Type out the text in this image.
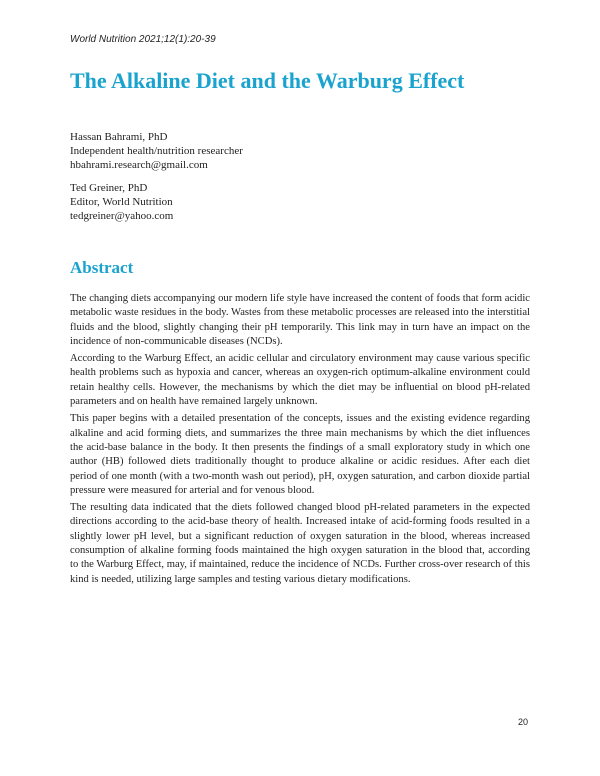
World Nutrition 2021;12(1):20-39
The Alkaline Diet and the Warburg Effect
Hassan Bahrami, PhD
Independent health/nutrition researcher
hbahrami.research@gmail.com
Ted Greiner, PhD
Editor, World Nutrition
tedgreiner@yahoo.com
Abstract

The changing diets accompanying our modern life style have increased the content of foods that form acidic metabolic waste residues in the body. Wastes from these metabolic processes are released into the interstitial fluids and the blood, slightly changing their pH temporarily. This link may in turn have an impact on the incidence of non-communicable diseases (NCDs).

According to the Warburg Effect, an acidic cellular and circulatory environment may cause various specific health problems such as hypoxia and cancer, whereas an oxygen-rich optimum-alkaline environment could retain healthy cells. However, the mechanisms by which the diet may be influential on blood pH-related parameters and on health have remained largely unknown.

This paper begins with a detailed presentation of the concepts, issues and the existing evidence regarding alkaline and acid forming diets, and summarizes the three main mechanisms by which the diet influences the acid-base balance in the body. It then presents the findings of a small exploratory study in which one author (HB) followed diets traditionally thought to produce alkaline or acidic residues. After each diet period of one month (with a two-month wash out period), pH, oxygen saturation, and carbon dioxide partial pressure were measured for arterial and for venous blood.

The resulting data indicated that the diets followed changed blood pH-related parameters in the expected directions according to the acid-base theory of health. Increased intake of acid-forming foods resulted in a slightly lower pH level, but a significant reduction of oxygen saturation in the blood, whereas increased consumption of alkaline forming foods maintained the high oxygen saturation in the blood that, according to the Warburg Effect, may, if maintained, reduce the incidence of NCDs. Further cross-over research of this kind is needed, utilizing large samples and testing various dietary modifications.

20
